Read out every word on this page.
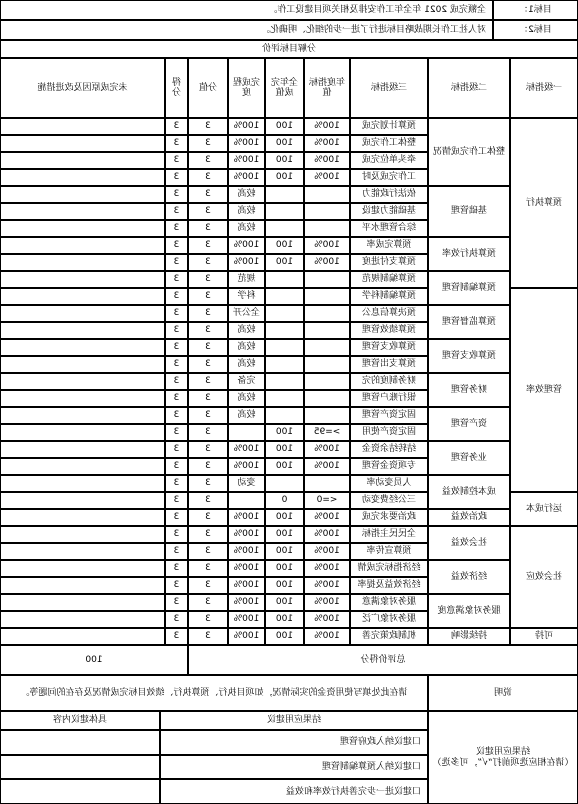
目标1：
全额完成 2021 年全年工作安排及相关项目建设工作。
目标2：
对人社工作长期战略目标进行了进一步的细化、明确化。
分解目标评价
一级指标
二级指标
三级指标
年度指标值
全年完成值
完成程度
分值
得分
未完成原因及改进措施
预算执行
管理效率
运行成本
社会效应
可持
整体工作完成情况
基础管理
预算执行效率
预算编制管理
预算监督管理
预算收支管理
财务管理
资产管理
业务管理
成本控制效益
政治效益
社会效益
经济效益
服务对象满意度
持续影响
预算计划完成
100%
100
100%
3
3
整体工作完成
100%
100
100%
3
3
牵头单位完成
100%
100
100%
3
3
工作完成及时
100%
100
100%
3
3
依法行政能力
较高
3
3
基础能力建设
较高
3
3
综合管理水平
较高
3
3
预算完成率
100%
100
100%
3
3
预算支付进度
100%
100
100%
3
3
预算编制规范
规范
3
3
预算编制科学
科学
3
3
预决算信息公
全公开
3
3
预算绩效管理
较高
3
3
预算收支管理
较高
3
3
预算支出管理
较高
3
3
财务制度的完
完备
3
3
银行账户管理
较高
3
3
固定资产管理
较高
3
3
固定资产使用
>=95
100
3
3
结转结余资金
100%
100
100%
3
3
专项资金管理
100%
100
100%
3
3
人员变动率
变动
3
3
三公经费变动
<=0
0
3
3
政治要求完成
100%
100
100%
3
3
全民民主指标
100%
100
100%
3
3
预算宣传率
100%
100
100%
3
3
经济指标完成情
100%
100
100%
3
3
经济效益及提率
100%
100
100%
3
3
服务对象满意
100%
100
100%
3
3
服务对象广泛
100%
100
100%
3
3
机制政策完善
100%
100
100%
3
3
总评价得分
100
说明
请在此处填写使用资金的实际情况，如项目执行、预算执行、绩效目标完成情况及存在的问题等。
结果应用建议
（请在相应选项前打“√”，可多选）
结果应用建议
具体建议内容
口建议纳入政府管理
口建议纳入预算编制管理
口建议进一步完善执行效率和效益
